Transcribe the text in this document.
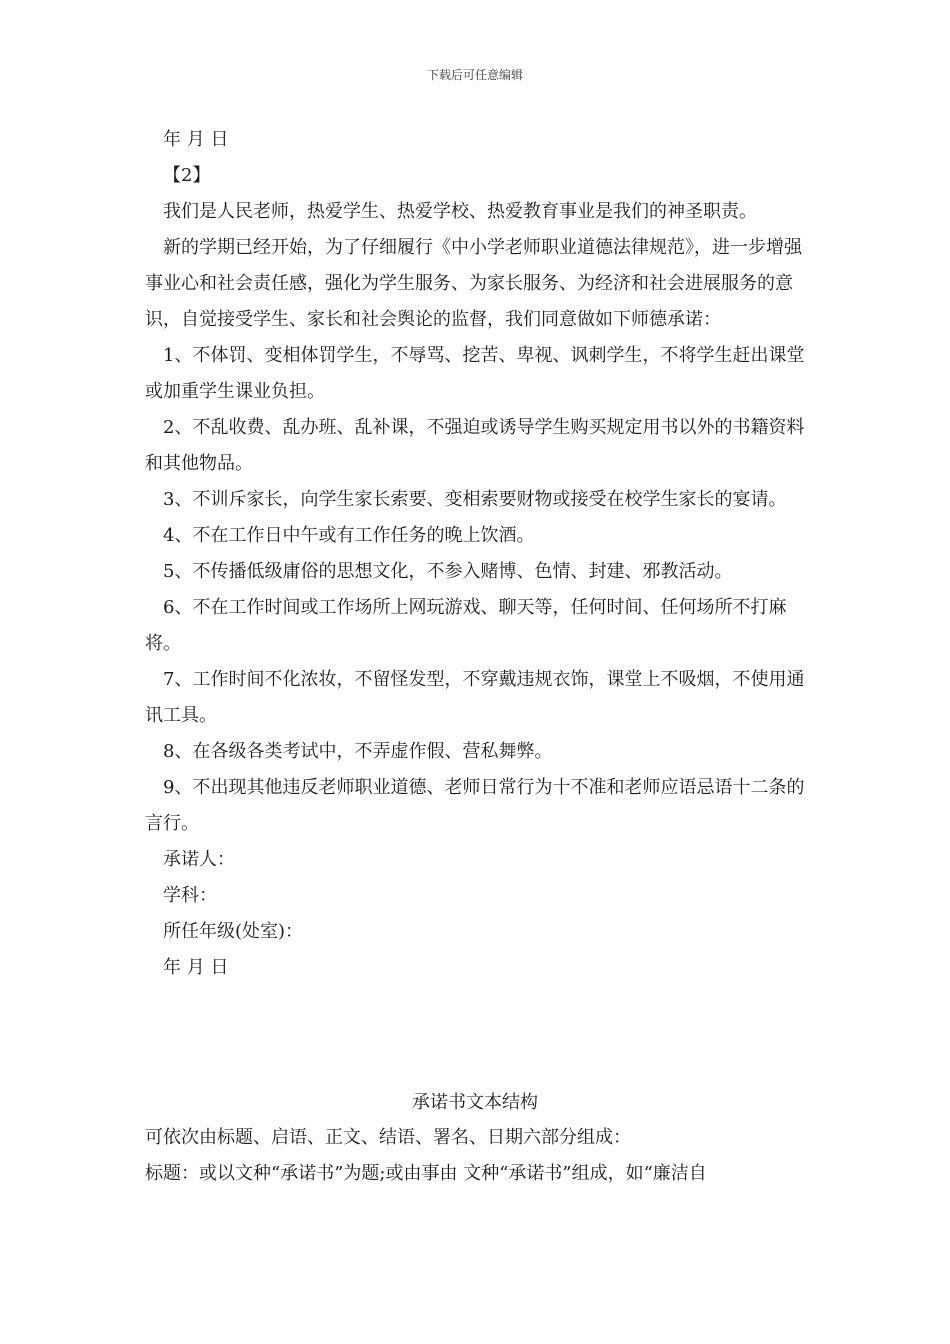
下载后可任意编辑

年 月 日

【2】

我们是人民老师，热爱学生、热爱学校、热爱教育事业是我们的神圣职责。

新的学期已经开始，为了仔细履行《中小学老师职业道德法律规范》，进一步增强事业心和社会责任感，强化为学生服务、为家长服务、为经济和社会进展服务的意识，自觉接受学生、家长和社会舆论的监督，我们同意做如下师德承诺：

1、不体罚、变相体罚学生，不辱骂、挖苦、卑视、讽刺学生，不将学生赶出课堂或加重学生课业负担。

2、不乱收费、乱办班、乱补课，不强迫或诱导学生购买规定用书以外的书籍资料和其他物品。

3、不训斥家长，向学生家长索要、变相索要财物或接受在校学生家长的宴请。

4、不在工作日中午或有工作任务的晚上饮酒。

5、不传播低级庸俗的思想文化，不参入赌博、色情、封建、邪教活动。

6、不在工作时间或工作场所上网玩游戏、聊天等，任何时间、任何场所不打麻将。

7、工作时间不化浓妆，不留怪发型，不穿戴违规衣饰，课堂上不吸烟，不使用通讯工具。

8、在各级各类考试中，不弄虚作假、营私舞弊。

9、不出现其他违反老师职业道德、老师日常行为十不准和老师应语忌语十二条的言行。

承诺人：

学科：

所任年级(处室)：

年 月 日

承诺书文本结构

可依次由标题、启语、正文、结语、署名、日期六部分组成：

标题：或以文种“承诺书”为题;或由事由 文种“承诺书”组成，如“廉洁自
